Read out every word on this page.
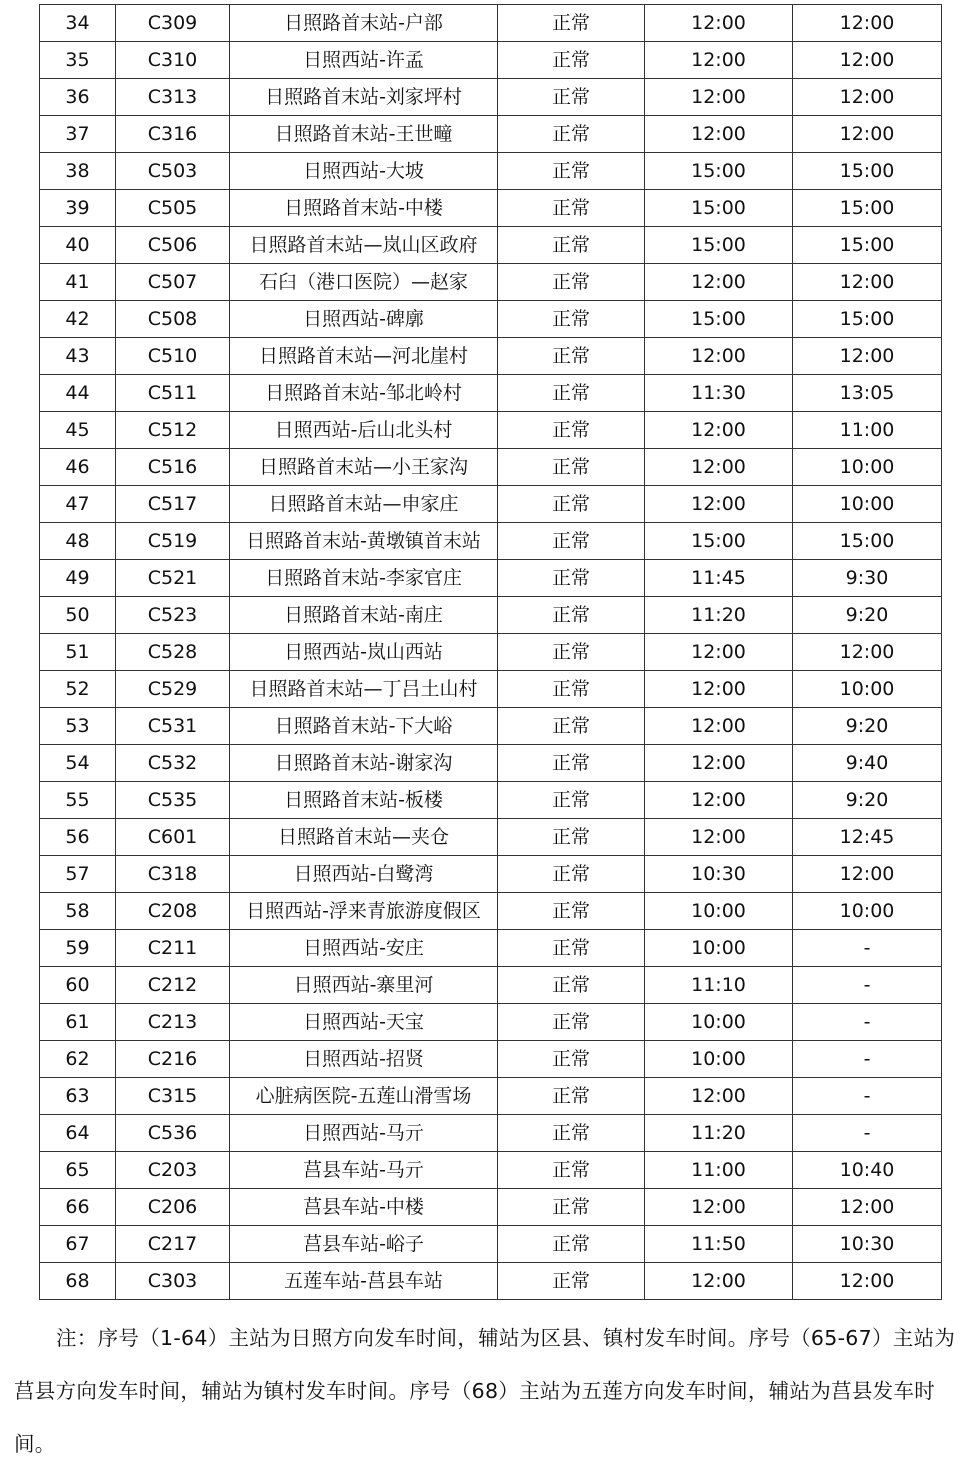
34	C309	日照路首末站-户部	正常	12:00	12:00
35	C310	日照西站-许孟	正常	12:00	12:00
36	C313	日照路首末站-刘家坪村	正常	12:00	12:00
37	C316	日照路首末站-王世疃	正常	12:00	12:00
38	C503	日照西站-大坡	正常	15:00	15:00
39	C505	日照路首末站-中楼	正常	15:00	15:00
40	C506	日照路首末站—岚山区政府	正常	15:00	15:00
41	C507	石臼（港口医院）—赵家	正常	12:00	12:00
42	C508	日照西站-碑廓	正常	15:00	15:00
43	C510	日照路首末站—河北崖村	正常	12:00	12:00
44	C511	日照路首末站-邹北岭村	正常	11:30	13:05
45	C512	日照西站-后山北头村	正常	12:00	11:00
46	C516	日照路首末站—小王家沟	正常	12:00	10:00
47	C517	日照路首末站—申家庄	正常	12:00	10:00
48	C519	日照路首末站-黄墩镇首末站	正常	15:00	15:00
49	C521	日照路首末站-李家官庄	正常	11:45	9:30
50	C523	日照路首末站-南庄	正常	11:20	9:20
51	C528	日照西站-岚山西站	正常	12:00	12:00
52	C529	日照路首末站—丁吕土山村	正常	12:00	10:00
53	C531	日照路首末站-下大峪	正常	12:00	9:20
54	C532	日照路首末站-谢家沟	正常	12:00	9:40
55	C535	日照路首末站-板楼	正常	12:00	9:20
56	C601	日照路首末站—夹仓	正常	12:00	12:45
57	C318	日照西站-白鹭湾	正常	10:30	12:00
58	C208	日照西站-浮来青旅游度假区	正常	10:00	10:00
59	C211	日照西站-安庄	正常	10:00	-
60	C212	日照西站-寨里河	正常	11:10	-
61	C213	日照西站-天宝	正常	10:00	-
62	C216	日照西站-招贤	正常	10:00	-
63	C315	心脏病医院-五莲山滑雪场	正常	12:00	-
64	C536	日照西站-马亓	正常	11:20	-
65	C203	莒县车站-马亓	正常	11:00	10:40
66	C206	莒县车站-中楼	正常	12:00	12:00
67	C217	莒县车站-峪子	正常	11:50	10:30
68	C303	五莲车站-莒县车站	正常	12:00	12:00

注：序号（1-64）主站为日照方向发车时间，辅站为区县、镇村发车时间。序号（65-67）主站为莒县方向发车时间，辅站为镇村发车时间。序号（68）主站为五莲方向发车时间，辅站为莒县发车时间。
